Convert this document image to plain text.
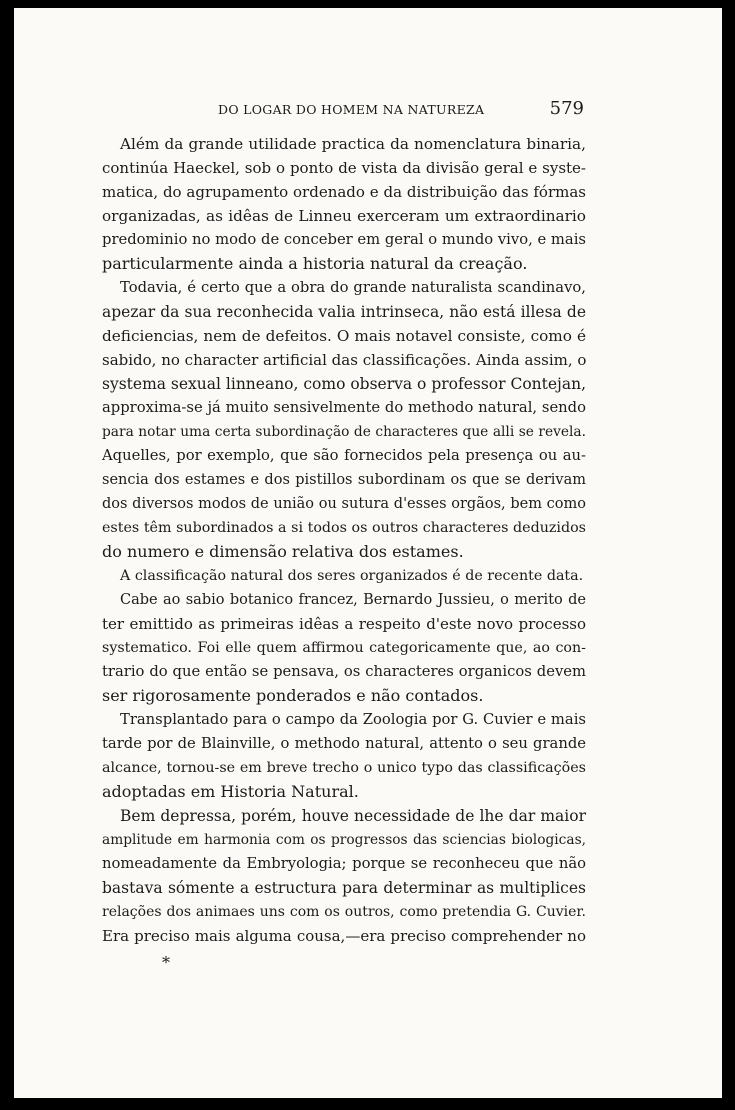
DO LOGAR DO HOMEM NA NATUREZA	579
Além da grande utilidade practica da nomenclatura binaria,
continúa Haeckel, sob o ponto de vista da divisão geral e syste-
matica, do agrupamento ordenado e da distribuição das fórmas
organizadas, as idêas de Linneu exerceram um extraordinario
predominio no modo de conceber em geral o mundo vivo, e mais
particularmente ainda a historia natural da creação.
Todavia, é certo que a obra do grande naturalista scandinavo,
apezar da sua reconhecida valia intrinseca, não está illesa de
deficiencias, nem de defeitos. O mais notavel consiste, como é
sabido, no character artificial das classificações. Ainda assim, o
systema sexual linneano, como observa o professor Contejan,
approxima-se já muito sensivelmente do methodo natural, sendo
para notar uma certa subordinação de characteres que alli se revela.
Aquelles, por exemplo, que são fornecidos pela presença ou au-
sencia dos estames e dos pistillos subordinam os que se derivam
dos diversos modos de união ou sutura d'esses orgãos, bem como
estes têm subordinados a si todos os outros characteres deduzidos
do numero e dimensão relativa dos estames.
A classificação natural dos seres organizados é de recente data.
Cabe ao sabio botanico francez, Bernardo Jussieu, o merito de
ter emittido as primeiras idêas a respeito d'este novo processo
systematico. Foi elle quem affirmou categoricamente que, ao con-
trario do que então se pensava, os characteres organicos devem
ser rigorosamente ponderados e não contados.
Transplantado para o campo da Zoologia por G. Cuvier e mais
tarde por de Blainville, o methodo natural, attento o seu grande
alcance, tornou-se em breve trecho o unico typo das classificações
adoptadas em Historia Natural.
Bem depressa, porém, houve necessidade de lhe dar maior
amplitude em harmonia com os progressos das sciencias biologicas,
nomeadamente da Embryologia; porque se reconheceu que não
bastava sómente a estructura para determinar as multiplices
relações dos animaes uns com os outros, como pretendia G. Cuvier.
Era preciso mais alguma cousa,—era preciso comprehender no
*
